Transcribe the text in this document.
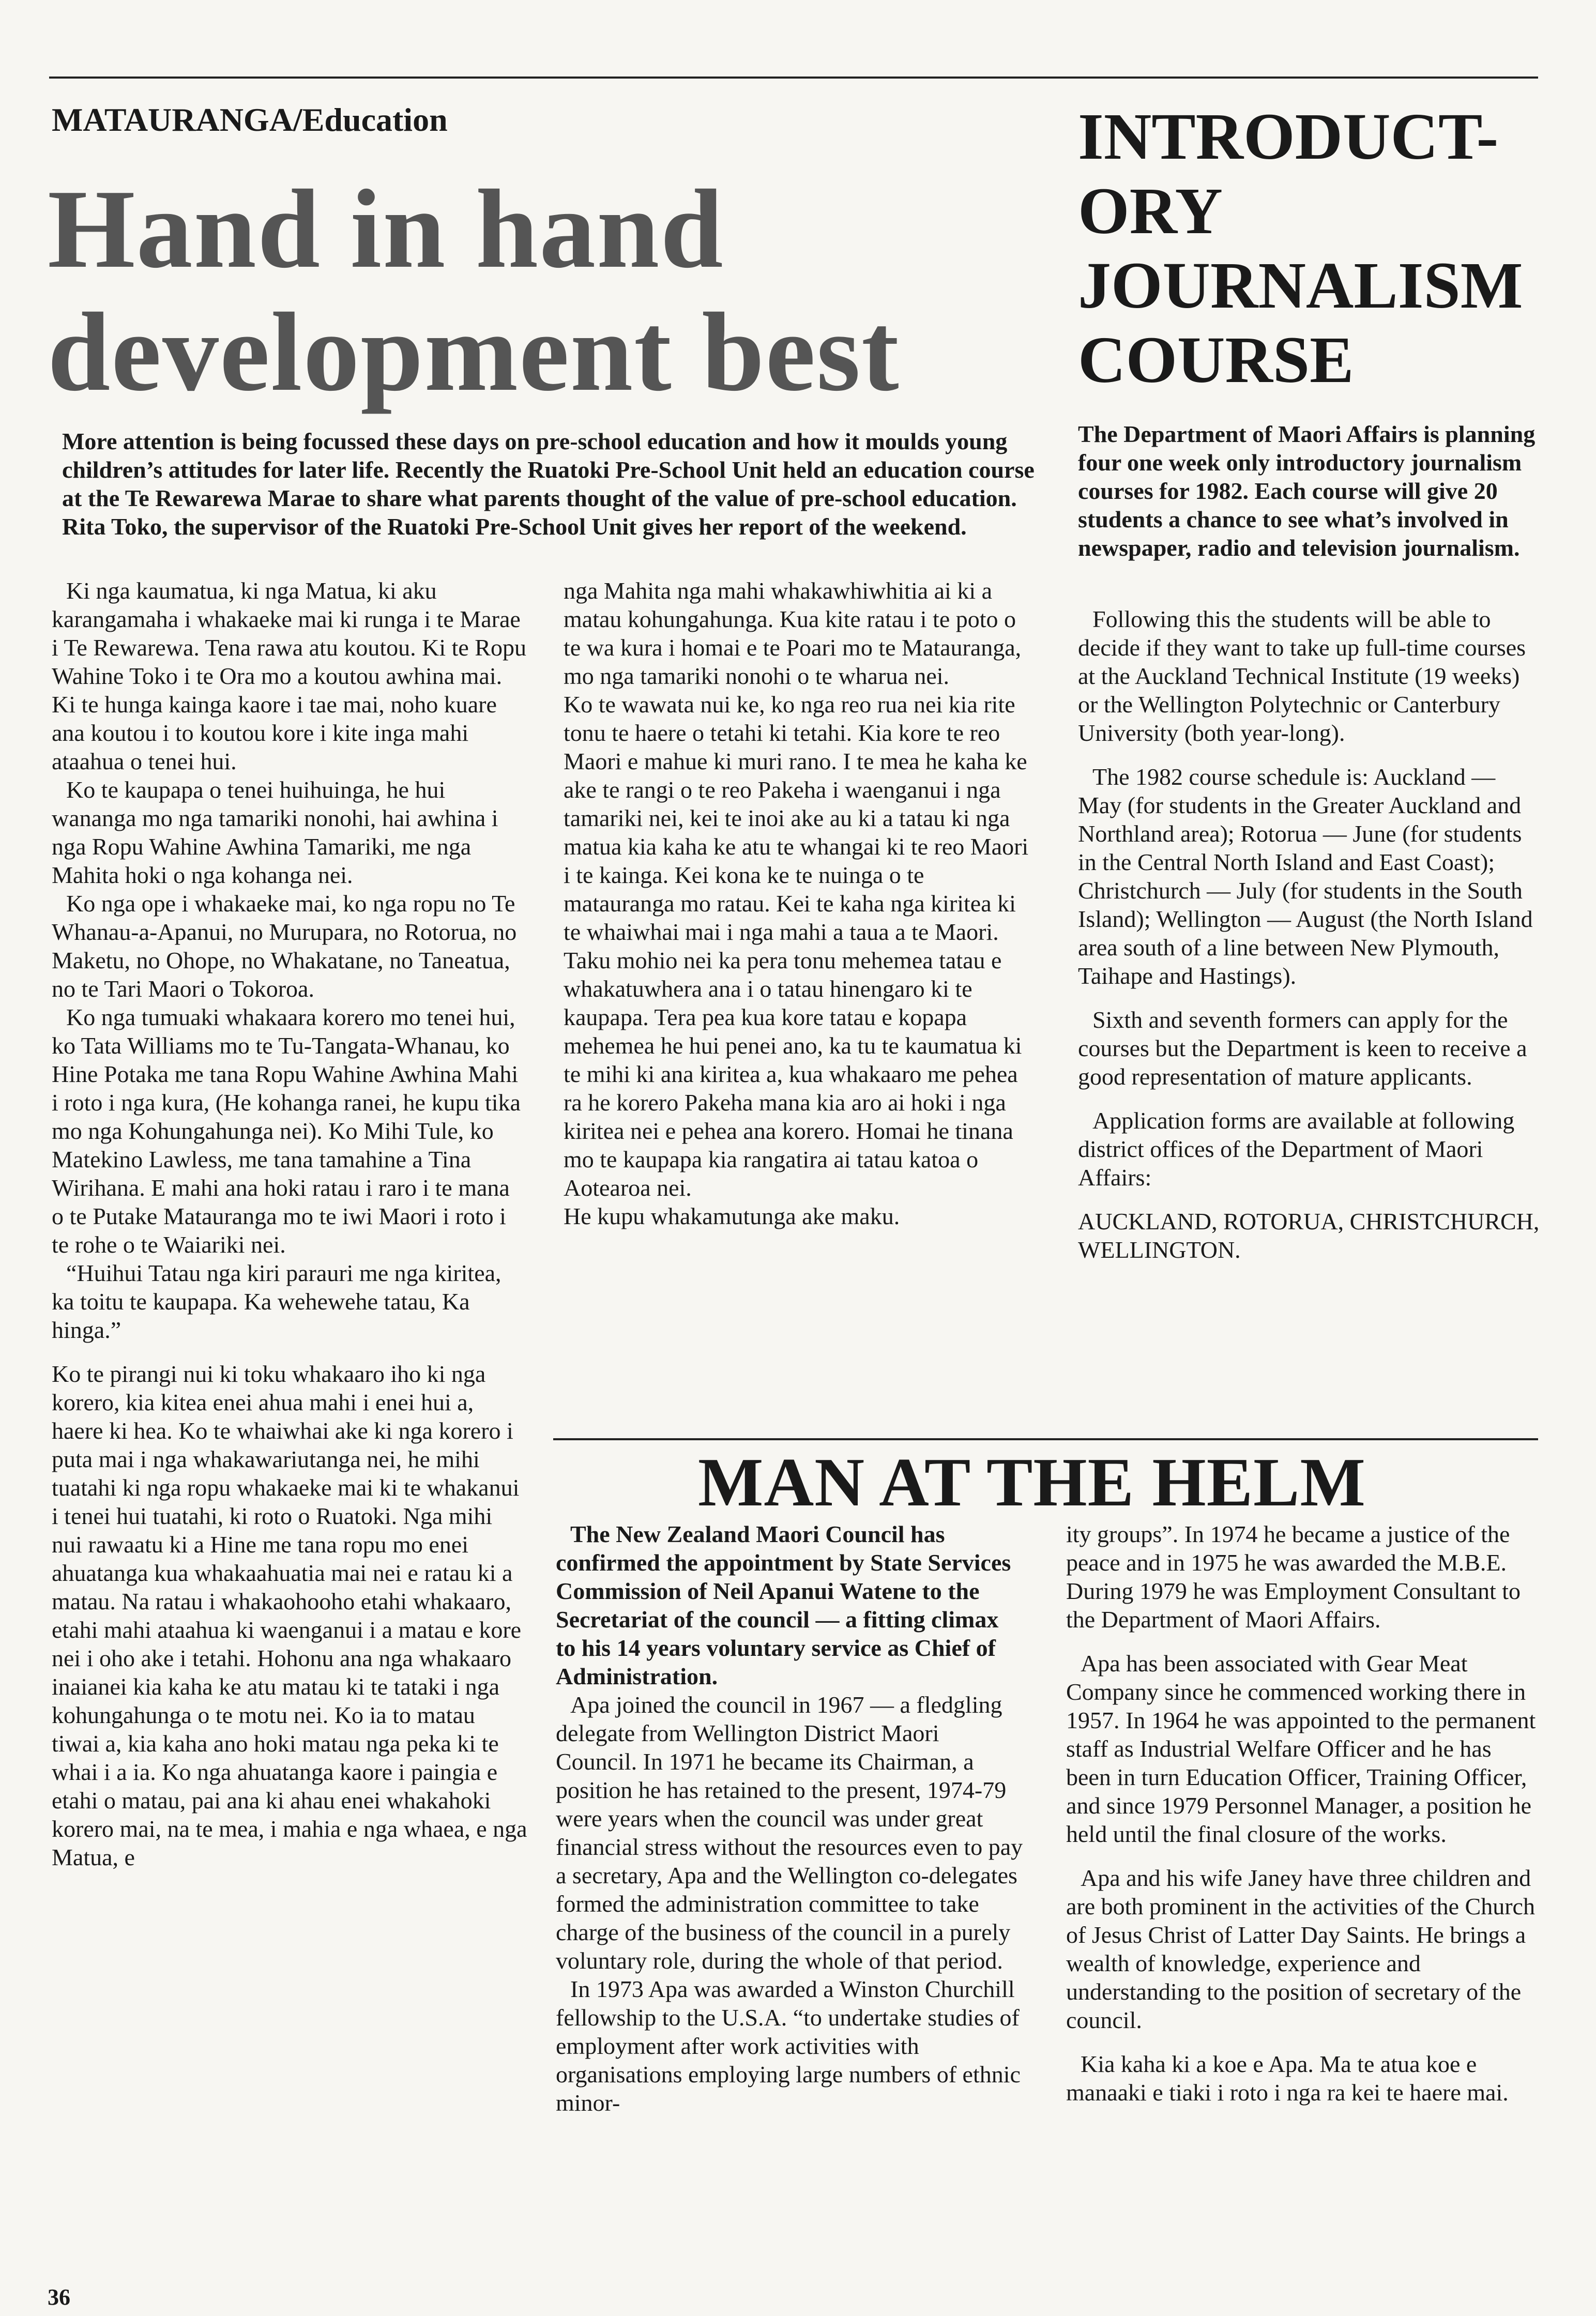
MATAURANGA/Education
Hand in hand development best
More attention is being focussed these days on pre-school education and how it moulds young children’s attitudes for later life. Recently the Ruatoki Pre-School Unit held an education course at the Te Rewarewa Marae to share what parents thought of the value of pre-school education. Rita Toko, the supervisor of the Ruatoki Pre-School Unit gives her report of the weekend.

Ki nga kaumatua, ki nga Matua, ki aku karangamaha i whakaeke mai ki runga i te Marae i Te Rewarewa. Tena rawa atu koutou. Ki te Ropu Wahine Toko i te Ora mo a koutou awhina mai. Ki te hunga kainga kaore i tae mai, noho kuare ana koutou i to koutou kore i kite inga mahi ataahua o tenei hui.

Ko te kaupapa o tenei huihuinga, he hui wananga mo nga tamariki nonohi, hai awhina i nga Ropu Wahine Awhina Tamariki, me nga Mahita hoki o nga kohanga nei.

Ko nga ope i whakaeke mai, ko nga ropu no Te Whanau-a-Apanui, no Murupara, no Rotorua, no Maketu, no Ohope, no Whakatane, no Taneatua, no te Tari Maori o Tokoroa.

Ko nga tumuaki whakaara korero mo tenei hui, ko Tata Williams mo te Tu-Tangata-Whanau, ko Hine Potaka me tana Ropu Wahine Awhina Mahi i roto i nga kura, (He kohanga ranei, he kupu tika mo nga Kohungahunga nei). Ko Mihi Tule, ko Matekino Lawless, me tana tamahine a Tina Wirihana. E mahi ana hoki ratau i raro i te mana o te Putake Matauranga mo te iwi Maori i roto i te rohe o te Waiariki nei.

“Huihui Tatau nga kiri parauri me nga kiritea, ka toitu te kaupapa. Ka wehewehe tatau, Ka hinga.”

Ko te pirangi nui ki toku whakaaro iho ki nga korero, kia kitea enei ahua mahi i enei hui a, haere ki hea. Ko te whaiwhai ake ki nga korero i puta mai i nga whakawariutanga nei, he mihi tuatahi ki nga ropu whakaeke mai ki te whakanui i tenei hui tuatahi, ki roto o Ruatoki. Nga mihi nui rawaatu ki a Hine me tana ropu mo enei ahuatanga kua whakaahuatia mai nei e ratau ki a matau. Na ratau i whakaohooho etahi whakaaro, etahi mahi ataahua ki waenganui i a matau e kore nei i oho ake i tetahi. Hohonu ana nga whakaaro inaianei kia kaha ke atu matau ki te tataki i nga kohungahunga o te motu nei. Ko ia to matau tiwai a, kia kaha ano hoki matau nga peka ki te whai i a ia. Ko nga ahuatanga kaore i paingia e etahi o matau, pai ana ki ahau enei whakahoki korero mai, na te mea, i mahia e nga whaea, e nga Matua, e

nga Mahita nga mahi whakawhiwhitia ai ki a matau kohungahunga. Kua kite ratau i te poto o te wa kura i homai e te Poari mo te Matauranga, mo nga tamariki nonohi o te wharua nei.

Ko te wawata nui ke, ko nga reo rua nei kia rite tonu te haere o tetahi ki tetahi. Kia kore te reo Maori e mahue ki muri rano. I te mea he kaha ke ake te rangi o te reo Pakeha i waenganui i nga tamariki nei, kei te inoi ake au ki a tatau ki nga matua kia kaha ke atu te whangai ki te reo Maori i te kainga. Kei kona ke te nuinga o te matauranga mo ratau. Kei te kaha nga kiritea ki te whaiwhai mai i nga mahi a taua a te Maori. Taku mohio nei ka pera tonu mehemea tatau e whakatuwhera ana i o tatau hinengaro ki te kaupapa. Tera pea kua kore tatau e kopapa mehemea he hui penei ano, ka tu te kaumatua ki te mihi ki ana kiritea a, kua whakaaro me pehea ra he korero Pakeha mana kia aro ai hoki i nga kiritea nei e pehea ana korero. Homai he tinana mo te kaupapa kia rangatira ai tatau katoa o Aotearoa nei.

He kupu whakamutunga ake maku.

INTRODUCT-ORY JOURNALISM COURSE
The Department of Maori Affairs is planning four one week only introductory journalism courses for 1982. Each course will give 20 students a chance to see what’s involved in newspaper, radio and television journalism.

Following this the students will be able to decide if they want to take up full-time courses at the Auckland Technical Institute (19 weeks) or the Wellington Polytechnic or Canterbury University (both year-long).

The 1982 course schedule is: Auckland — May (for students in the Greater Auckland and Northland area); Rotorua — June (for students in the Central North Island and East Coast); Christchurch — July (for students in the South Island); Wellington — August (the North Island area south of a line between New Plymouth, Taihape and Hastings).

Sixth and seventh formers can apply for the courses but the Department is keen to receive a good representation of mature applicants.

Application forms are available at following district offices of the Department of Maori Affairs:

AUCKLAND, ROTORUA, CHRISTCHURCH, WELLINGTON.

MAN AT THE HELM

The New Zealand Maori Council has confirmed the appointment by State Services Commission of Neil Apanui Watene to the Secretariat of the council — a fitting climax to his 14 years voluntary service as Chief of Administration.

Apa joined the council in 1967 — a fledgling delegate from Wellington District Maori Council. In 1971 he became its Chairman, a position he has retained to the present, 1974-79 were years when the council was under great financial stress without the resources even to pay a secretary, Apa and the Wellington co-delegates formed the administration committee to take charge of the business of the council in a purely voluntary role, during the whole of that period.

In 1973 Apa was awarded a Winston Churchill fellowship to the U.S.A. “to undertake studies of employment after work activities with organisations employing large numbers of ethnic minor-

ity groups”. In 1974 he became a justice of the peace and in 1975 he was awarded the M.B.E. During 1979 he was Employment Consultant to the Department of Maori Affairs.

Apa has been associated with Gear Meat Company since he commenced working there in 1957. In 1964 he was appointed to the permanent staff as Industrial Welfare Officer and he has been in turn Education Officer, Training Officer, and since 1979 Personnel Manager, a position he held until the final closure of the works.

Apa and his wife Janey have three children and are both prominent in the activities of the Church of Jesus Christ of Latter Day Saints. He brings a wealth of knowledge, experience and understanding to the position of secretary of the council.

Kia kaha ki a koe e Apa. Ma te atua koe e manaaki e tiaki i roto i nga ra kei te haere mai.

36
